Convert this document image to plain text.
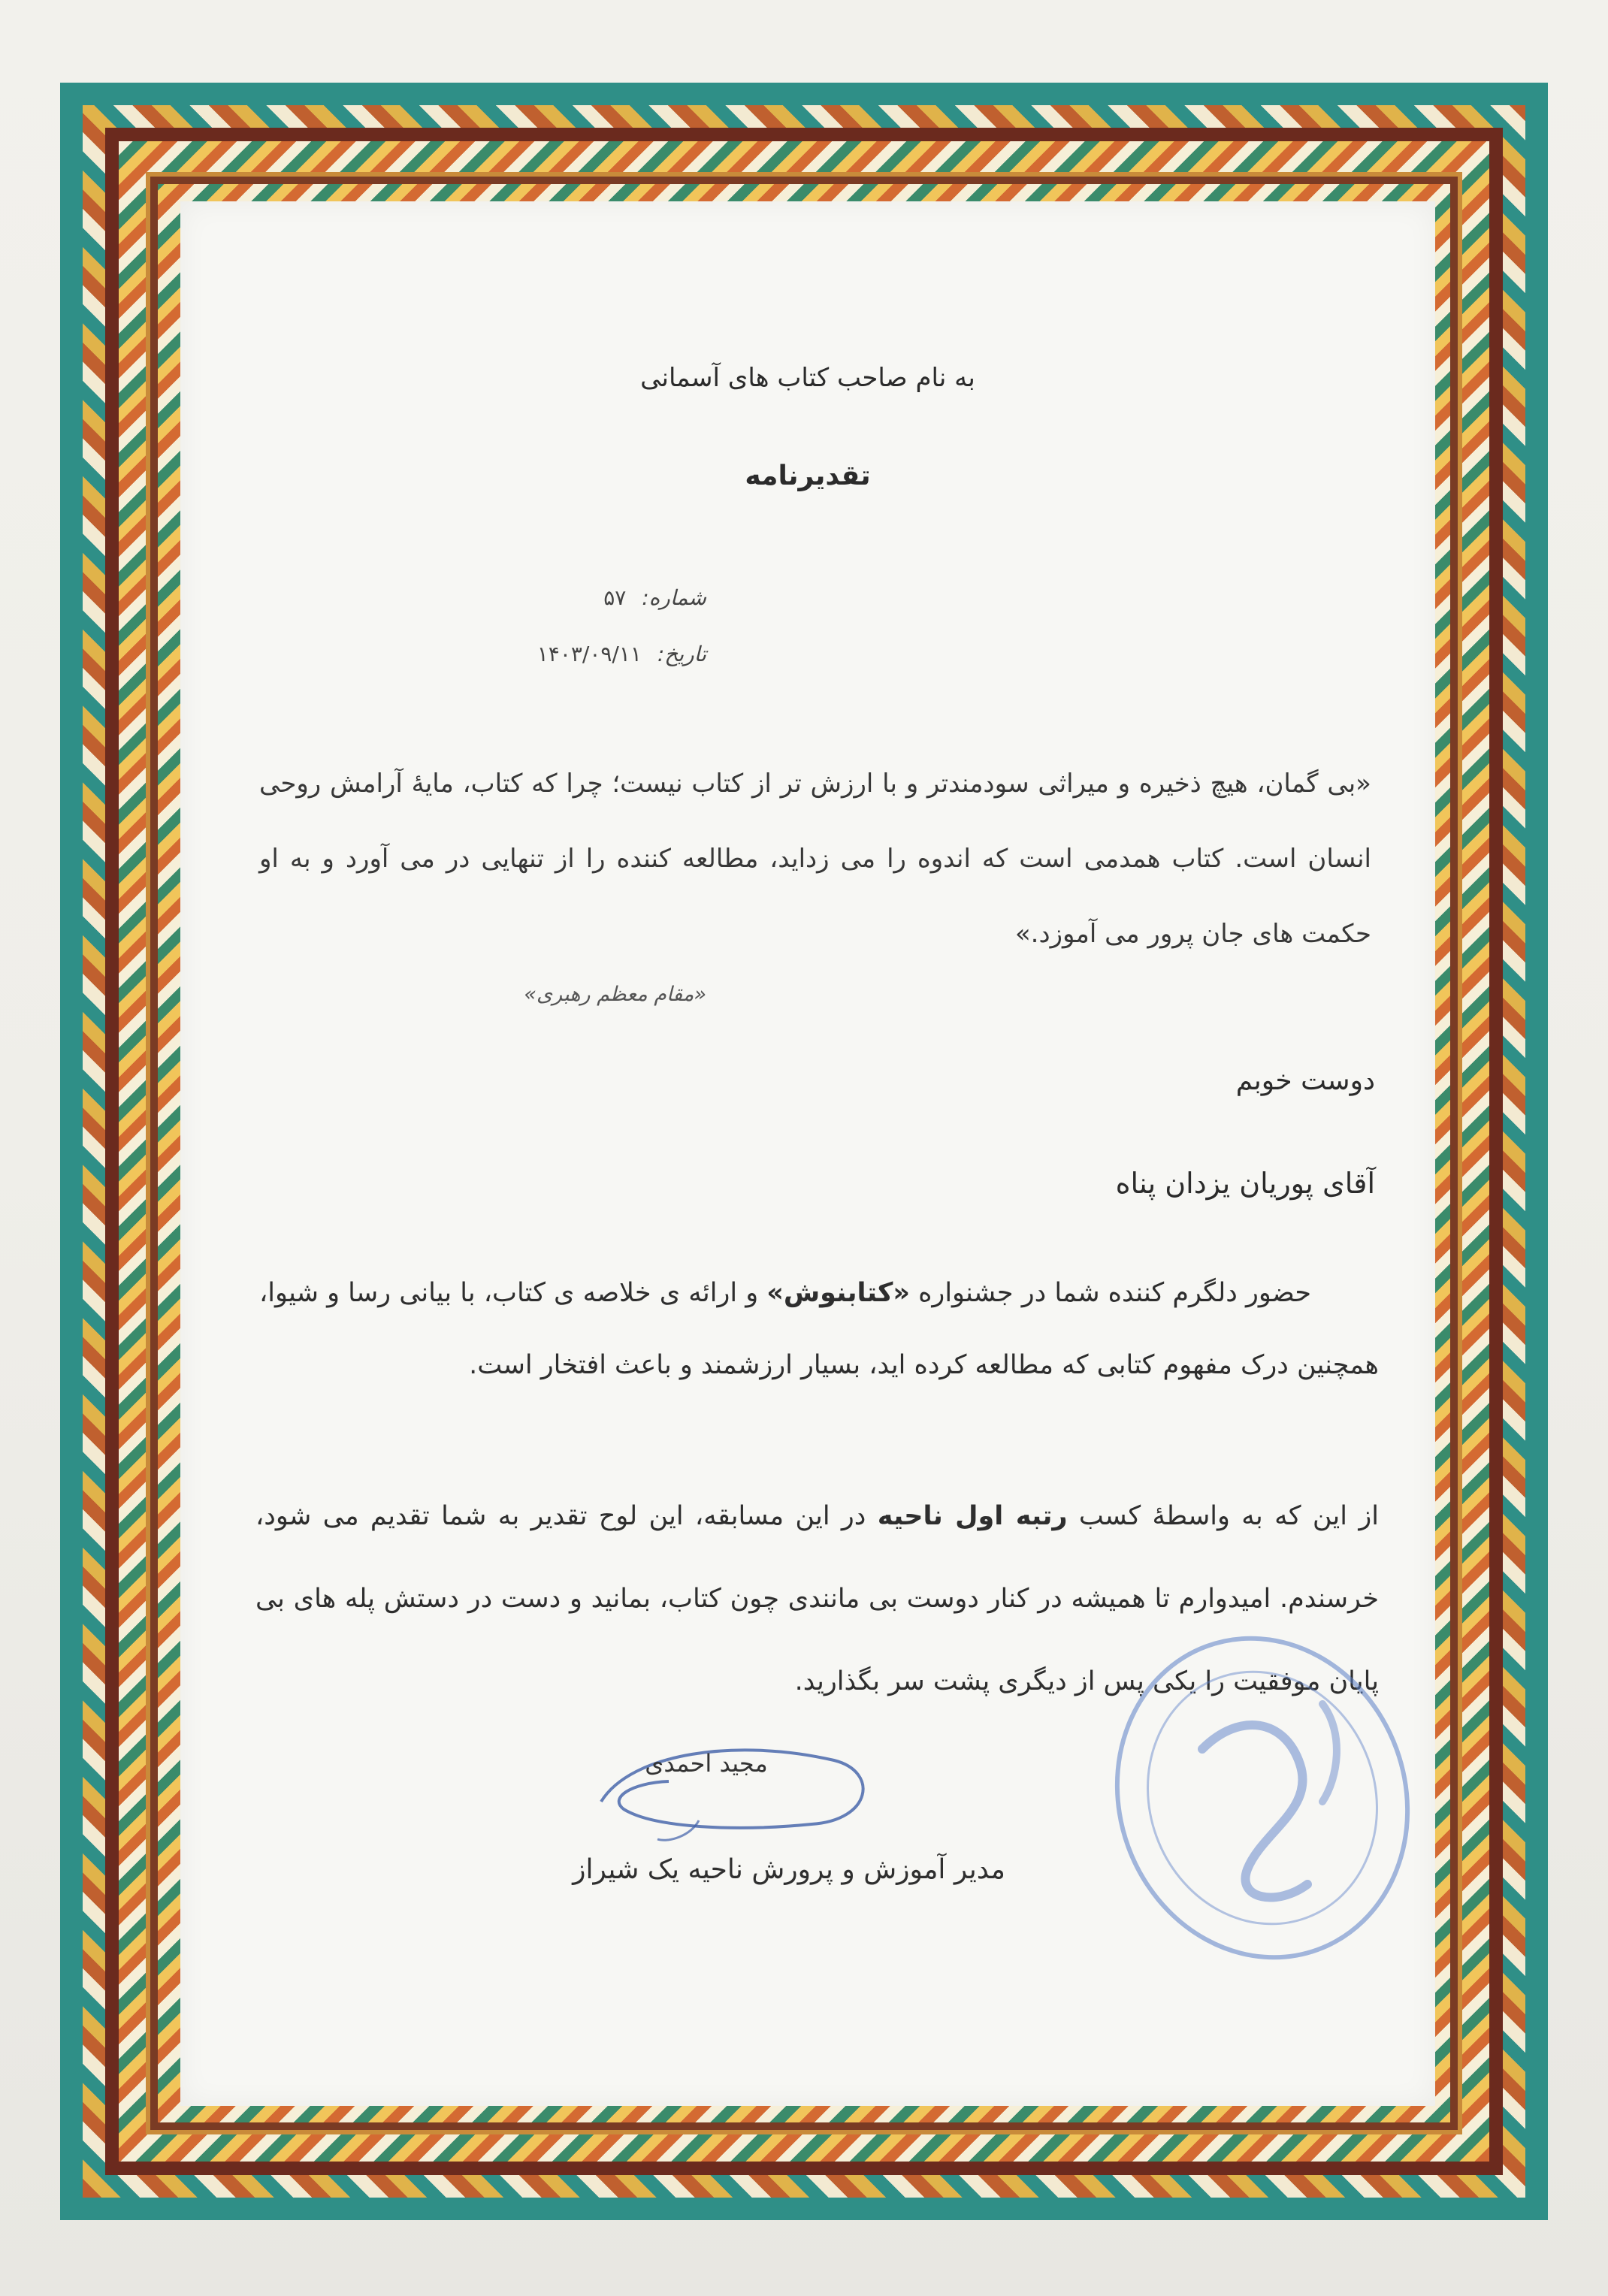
به نام صاحب کتاب های آسمانی
تقدیرنامه
شماره: ۵۷
تاریخ: ۱۴۰۳/۰۹/۱۱
«بی گمان، هیچ ذخیره و میراثی سودمندتر و با ارزش تر از کتاب نیست؛ چرا که کتاب، مایهٔ آرامش روحی انسان است. کتاب همدمی است که اندوه را می زداید، مطالعه کننده را از تنهایی در می آورد و به او حکمت های جان پرور می آموزد.»
«مقام معظم رهبری»
دوست خوبم
آقای پوریان یزدان پناه
حضور دلگرم کننده شما در جشنواره «کتابنوش» و ارائه ی خلاصه ی کتاب، با بیانی رسا و شیوا، همچنین درک مفهوم کتابی که مطالعه کرده اید، بسیار ارزشمند و باعث افتخار است.
از این که به واسطهٔ کسب رتبه اول ناحیه در این مسابقه، این لوح تقدیر به شما تقدیم می شود، خرسندم. امیدوارم تا همیشه در کنار دوست بی مانندی چون کتاب، بمانید و دست در دستش پله های بی پایان موفقیت را یکی پس از دیگری پشت سر بگذارید.
مجید احمدی
مدیر آموزش و پرورش ناحیه یک شیراز
